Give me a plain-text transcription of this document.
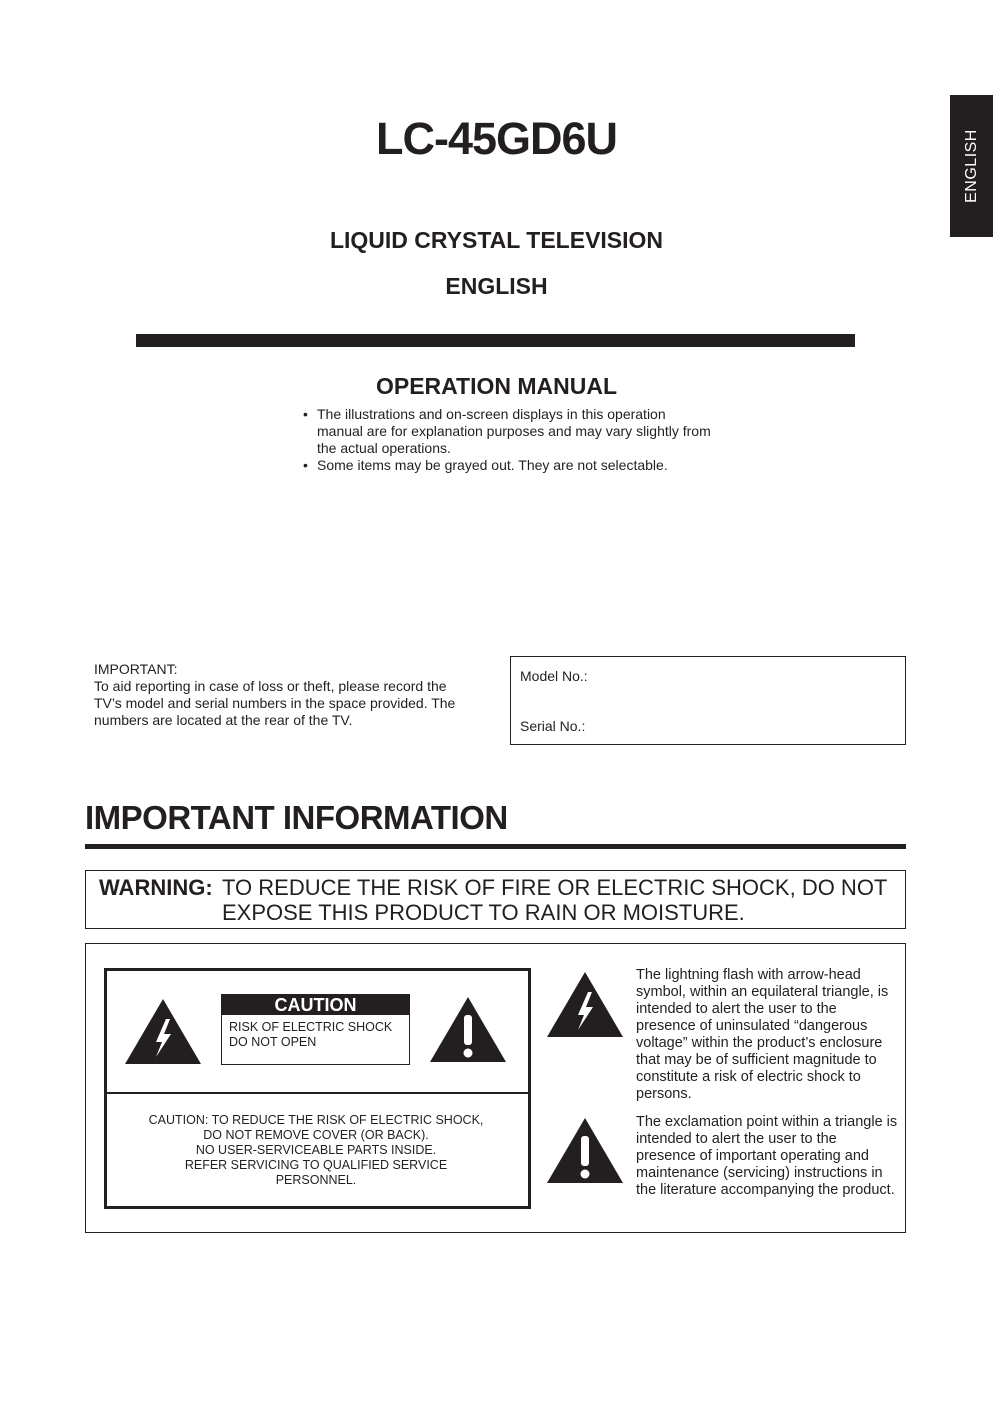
ENGLISH
LC-45GD6U
LIQUID CRYSTAL TELEVISION
ENGLISH
OPERATION MANUAL
• The illustrations and on-screen displays in this operation manual are for explanation purposes and may vary slightly from the actual operations.
• Some items may be grayed out. They are not selectable.
IMPORTANT:
To aid reporting in case of loss or theft, please record the TV’s model and serial numbers in the space provided. The numbers are located at the rear of the TV.
Model No.:
Serial No.:
IMPORTANT INFORMATION
WARNING: TO REDUCE THE RISK OF FIRE OR ELECTRIC SHOCK, DO NOT EXPOSE THIS PRODUCT TO RAIN OR MOISTURE.
CAUTION
RISK OF ELECTRIC SHOCK
DO NOT OPEN
CAUTION: TO REDUCE THE RISK OF ELECTRIC SHOCK,
DO NOT REMOVE COVER (OR BACK).
NO USER-SERVICEABLE PARTS INSIDE.
REFER SERVICING TO QUALIFIED SERVICE
PERSONNEL.
The lightning flash with arrow-head symbol, within an equilateral triangle, is intended to alert the user to the presence of uninsulated “dangerous voltage” within the product’s enclosure that may be of sufficient magnitude to constitute a risk of electric shock to persons.
The exclamation point within a triangle is intended to alert the user to the presence of important operating and maintenance (servicing) instructions in the literature accompanying the product.
